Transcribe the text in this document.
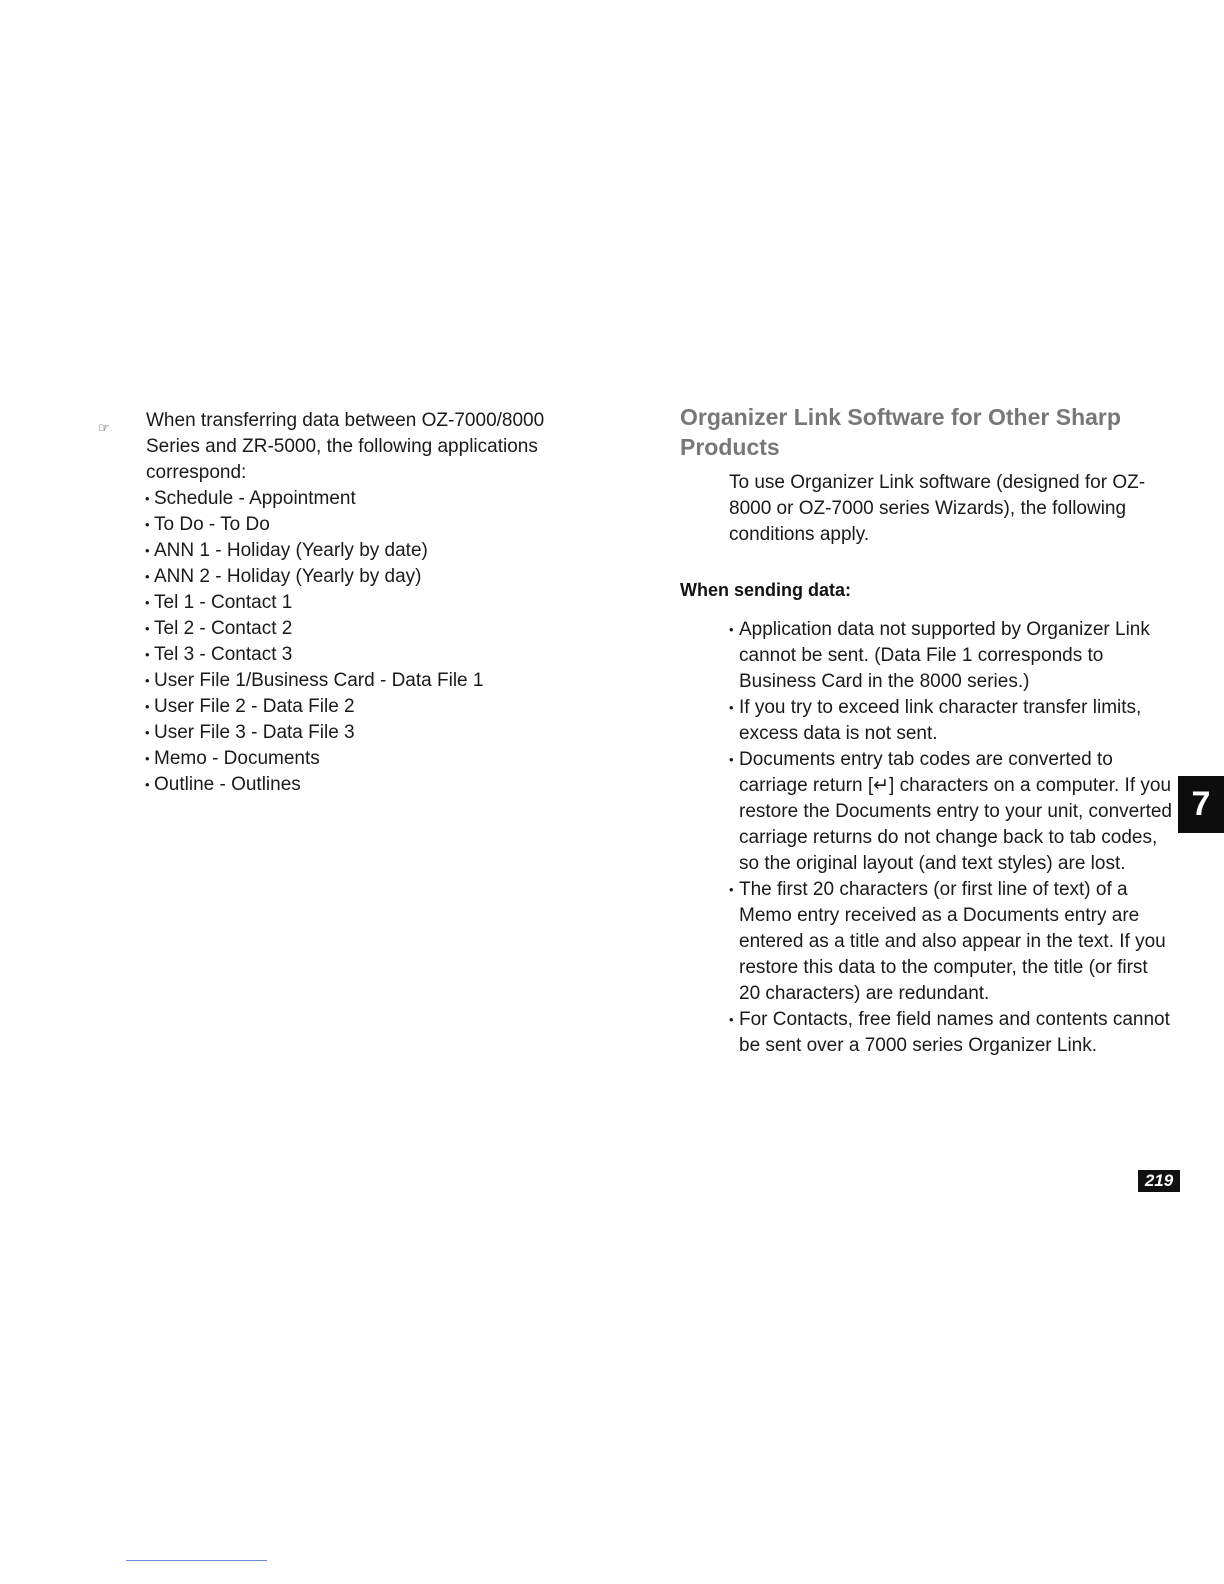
☞ When transferring data between OZ-7000/8000 Series and ZR-5000, the following applications correspond:

• Schedule - Appointment
• To Do - To Do
• ANN 1 - Holiday (Yearly by date)
• ANN 2 - Holiday (Yearly by day)
• Tel 1 - Contact 1
• Tel 2 - Contact 2
• Tel 3 - Contact 3
• User File 1/Business Card - Data File 1
• User File 2 - Data File 2
• User File 3 - Data File 3
• Memo - Documents
• Outline - Outlines
Organizer Link Software for Other Sharp Products

To use Organizer Link software (designed for OZ-8000 or OZ-7000 series Wizards), the following conditions apply.

When sending data:
• Application data not supported by Organizer Link cannot be sent. (Data File 1 corresponds to Business Card in the 8000 series.)
• If you try to exceed link character transfer limits, excess data is not sent.
• Documents entry tab codes are converted to carriage return [↵] characters on a computer. If you restore the Documents entry to your unit, converted carriage returns do not change back to tab codes, so the original layout (and text styles) are lost.
• The first 20 characters (or first line of text) of a Memo entry received as a Documents entry are entered as a title and also appear in the text. If you restore this data to the computer, the title (or first 20 characters) are redundant.
• For Contacts, free field names and contents cannot be sent over a 7000 series Organizer Link.
7
219
